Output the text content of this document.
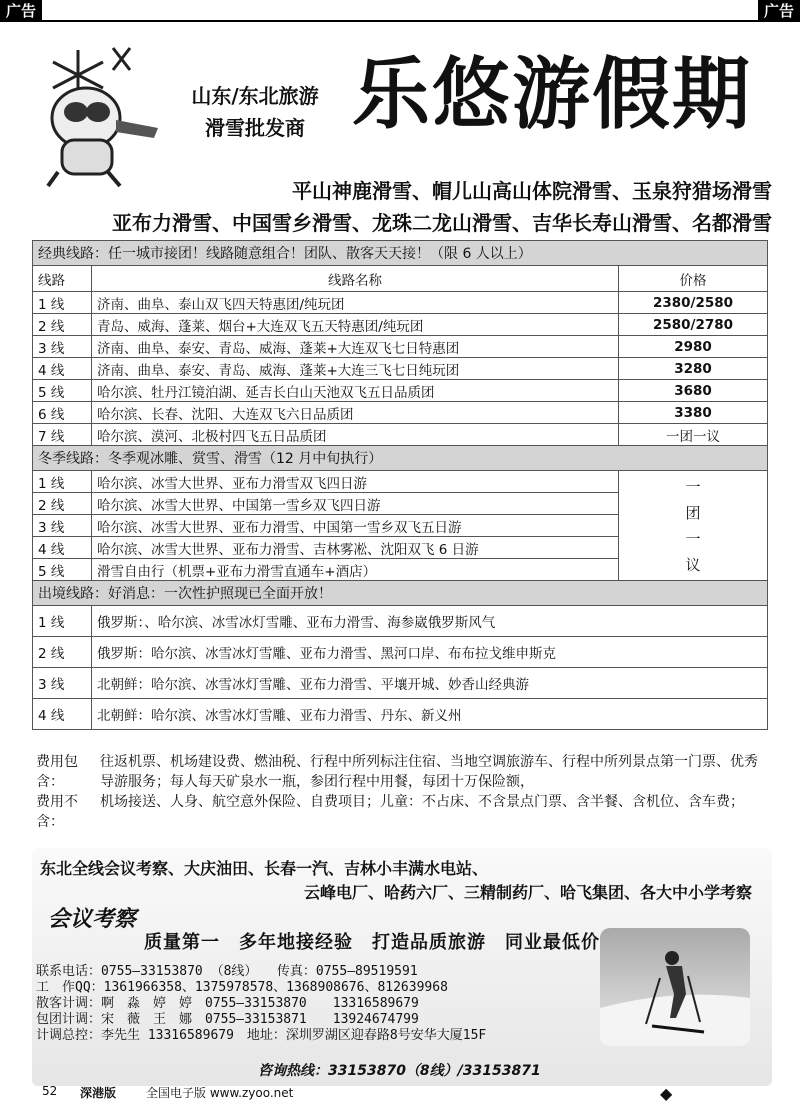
广告	广告
山东/东北旅游
滑雪批发商 乐悠游假期
平山神鹿滑雪、帽儿山高山体院滑雪、玉泉狩猎场滑雪
亚布力滑雪、中国雪乡滑雪、龙珠二龙山滑雪、吉华长寿山滑雪、名都滑雪
经典线路：任一城市接团！线路随意组合！团队、散客天天接！（限 6 人以上）		
线路	线路名称	价格
1 线	济南、曲阜、泰山双飞四天特惠团/纯玩团	2380/2580
2 线	青岛、威海、蓬莱、烟台+大连双飞五天特惠团/纯玩团	2580/2780
3 线	济南、曲阜、泰安、青岛、威海、蓬莱+大连双飞七日特惠团	2980
4 线	济南、曲阜、泰安、青岛、威海、蓬莱+大连三飞七日纯玩团	3280
5 线	哈尔滨、牡丹江镜泊湖、延吉长白山天池双飞五日品质团	3680
6 线	哈尔滨、长春、沈阳、大连双飞六日品质团	3380
7 线	哈尔滨、漠河、北极村四飞五日品质团	一团一议
冬季线路：冬季观冰雕、赏雪、滑雪（12 月中旬执行）		
1 线	哈尔滨、冰雪大世界、亚布力滑雪双飞四日游	一
团
一
议

2 线	哈尔滨、冰雪大世界、中国第一雪乡双飞四日游	
3 线	哈尔滨、冰雪大世界、亚布力滑雪、中国第一雪乡双飞五日游	
4 线	哈尔滨、冰雪大世界、亚布力滑雪、吉林雾凇、沈阳双飞 6 日游	
5 线	滑雪自由行（机票+亚布力滑雪直通车+酒店）	
出境线路：好消息：一次性护照现已全面开放！		
1 线	俄罗斯：、哈尔滨、冰雪冰灯雪雕、亚布力滑雪、海参崴俄罗斯风气	
2 线	俄罗斯：哈尔滨、冰雪冰灯雪雕、亚布力滑雪、黑河口岸、布布拉戈维申斯克	
3 线	北朝鲜：哈尔滨、冰雪冰灯雪雕、亚布力滑雪、平壤开城、妙香山经典游	
4 线	北朝鲜：哈尔滨、冰雪冰灯雪雕、亚布力滑雪、丹东、新义州	
费用包含：
往返机票、机场建设费、燃油税、行程中所列标注住宿、当地空调旅游车、行程中所列景点第一门票、优秀导游服务；每人每天矿泉水一瓶，参团行程中用餐，每团十万保险额，
费用不含：
机场接送、人身、航空意外保险、自费项目；儿童：不占床、不含景点门票、含半餐、含机位、含车费；
东北全线会议考察、大庆油田、长春一汽、吉林小丰满水电站、
云峰电厂、哈药六厂、三精制药厂、哈飞集团、各大中小学考察
会议考察
质量第一　多年地接经验　打造品质旅游　同业最低价
联系电话：0755—33153870 （8线）　　传真：0755—89519591
工　作QQ：1361966358、1375978578、1368908676、812639968
散客计调：啊　淼　婷　婷　0755—33153870　　13316589679
包团计调：宋　薇　王　娜　0755—33153871　　13924674799
计调总控：李先生 13316589679　地址：深圳罗湖区迎春路8号安华大厦15F
咨询热线：33153870（8线）/33153871
52 深港版 全国电子版 www.zyoo.net	◆
